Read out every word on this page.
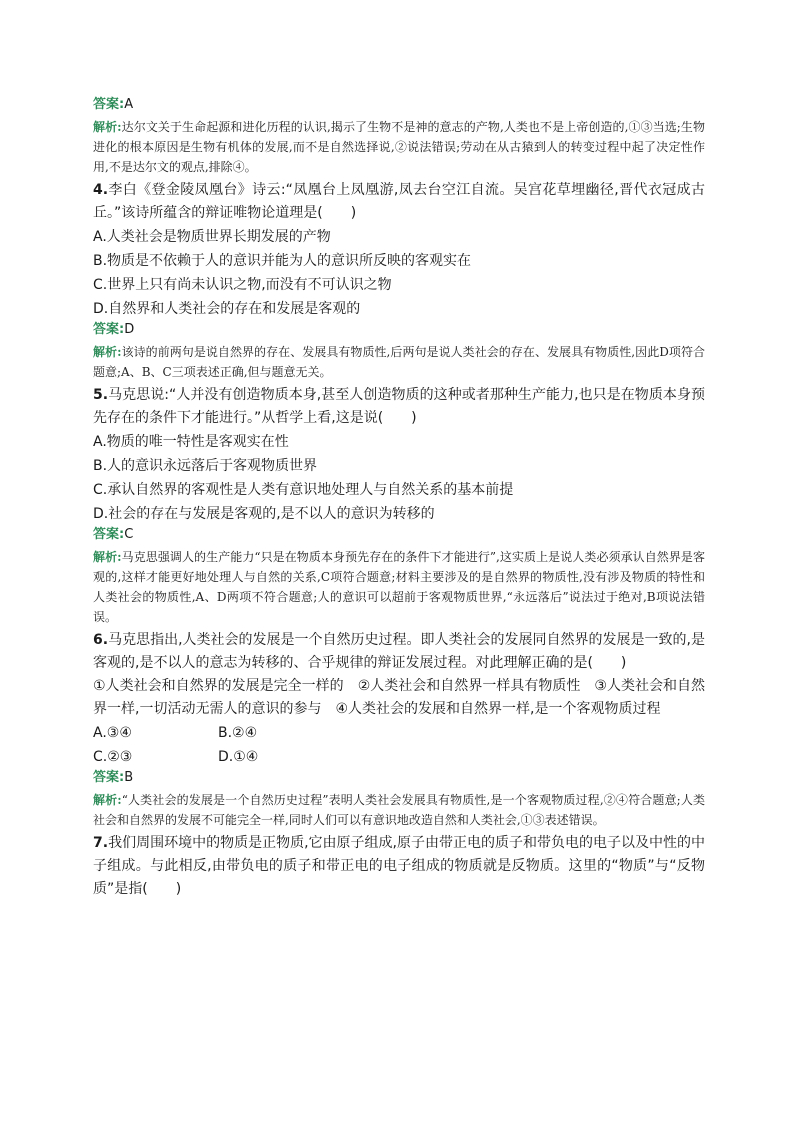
答案:A

解析:达尔文关于生命起源和进化历程的认识,揭示了生物不是神的意志的产物,人类也不是上帝创造的,①③当选;生物进化的根本原因是生物有机体的发展,而不是自然选择说,②说法错误;劳动在从古猿到人的转变过程中起了决定性作用,不是达尔文的观点,排除④。

4.李白《登金陵凤凰台》诗云:“凤凰台上凤凰游,凤去台空江自流。吴宫花草埋幽径,晋代衣冠成古丘。”该诗所蕴含的辩证唯物论道理是(　　)

A.人类社会是物质世界长期发展的产物

B.物质是不依赖于人的意识并能为人的意识所反映的客观实在

C.世界上只有尚未认识之物,而没有不可认识之物

D.自然界和人类社会的存在和发展是客观的

答案:D

解析:该诗的前两句是说自然界的存在、发展具有物质性,后两句是说人类社会的存在、发展具有物质性,因此D项符合题意;A、B、C三项表述正确,但与题意无关。

5.马克思说:“人并没有创造物质本身,甚至人创造物质的这种或者那种生产能力,也只是在物质本身预先存在的条件下才能进行。”从哲学上看,这是说(　　)

A.物质的唯一特性是客观实在性

B.人的意识永远落后于客观物质世界

C.承认自然界的客观性是人类有意识地处理人与自然关系的基本前提

D.社会的存在与发展是客观的,是不以人的意识为转移的

答案:C

解析:马克思强调人的生产能力“只是在物质本身预先存在的条件下才能进行”,这实质上是说人类必须承认自然界是客观的,这样才能更好地处理人与自然的关系,C项符合题意;材料主要涉及的是自然界的物质性,没有涉及物质的特性和人类社会的物质性,A、D两项不符合题意;人的意识可以超前于客观物质世界,“永远落后”说法过于绝对,B项说法错误。

6.马克思指出,人类社会的发展是一个自然历史过程。即人类社会的发展同自然界的发展是一致的,是客观的,是不以人的意志为转移的、合乎规律的辩证发展过程。对此理解正确的是(　　)

①人类社会和自然界的发展是完全一样的　②人类社会和自然界一样具有物质性　③人类社会和自然界一样,一切活动无需人的意识的参与　④人类社会的发展和自然界一样,是一个客观物质过程

A.③④	B.②④
C.②③	D.①④

答案:B

解析:“人类社会的发展是一个自然历史过程”表明人类社会发展具有物质性,是一个客观物质过程,②④符合题意;人类社会和自然界的发展不可能完全一样,同时人们可以有意识地改造自然和人类社会,①③表述错误。

7.我们周围环境中的物质是正物质,它由原子组成,原子由带正电的质子和带负电的电子以及中性的中子组成。与此相反,由带负电的质子和带正电的电子组成的物质就是反物质。这里的“物质”与“反物质”是指(　　)
